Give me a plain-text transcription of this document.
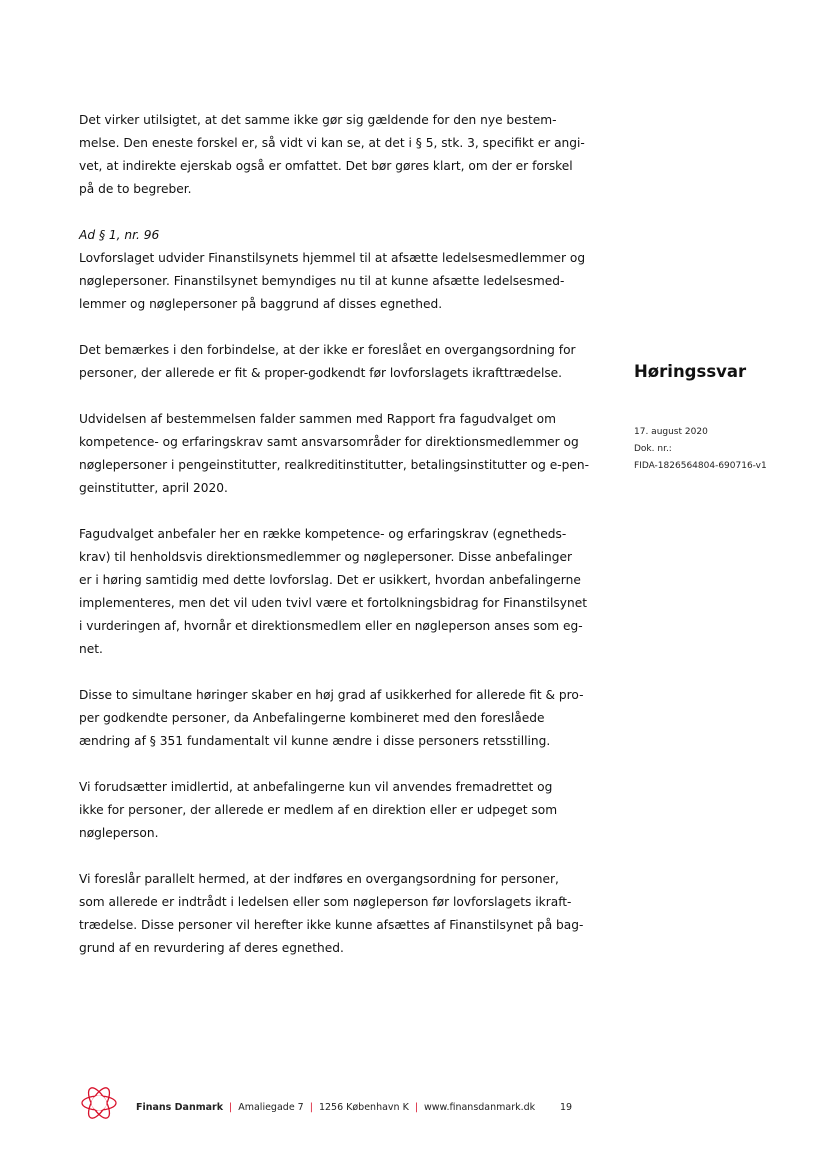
Det virker utilsigtet, at det samme ikke gør sig gældende for den nye bestem-
melse. Den eneste forskel er, så vidt vi kan se, at det i § 5, stk. 3, specifikt er angi-
vet, at indirekte ejerskab også er omfattet. Det bør gøres klart, om der er forskel
på de to begreber.

Ad § 1, nr. 96
Lovforslaget udvider Finanstilsynets hjemmel til at afsætte ledelsesmedlemmer og
nøglepersoner. Finanstilsynet bemyndiges nu til at kunne afsætte ledelsesmed-
lemmer og nøglepersoner på baggrund af disses egnethed.

Det bemærkes i den forbindelse, at der ikke er foreslået en overgangsordning for
personer, der allerede er fit & proper-godkendt før lovforslagets ikrafttrædelse.

Udvidelsen af bestemmelsen falder sammen med Rapport fra fagudvalget om
kompetence- og erfaringskrav samt ansvarsområder for direktionsmedlemmer og
nøglepersoner i pengeinstitutter, realkreditinstitutter, betalingsinstitutter og e-pen-
geinstitutter, april 2020.

Fagudvalget anbefaler her en række kompetence- og erfaringskrav (egnetheds-
krav) til henholdsvis direktionsmedlemmer og nøglepersoner. Disse anbefalinger
er i høring samtidig med dette lovforslag. Det er usikkert, hvordan anbefalingerne
implementeres, men det vil uden tvivl være et fortolkningsbidrag for Finanstilsynet
i vurderingen af, hvornår et direktionsmedlem eller en nøgleperson anses som eg-
net.

Disse to simultane høringer skaber en høj grad af usikkerhed for allerede fit & pro-
per godkendte personer, da Anbefalingerne kombineret med den foreslåede
ændring af § 351 fundamentalt vil kunne ændre i disse personers retsstilling.

Vi forudsætter imidlertid, at anbefalingerne kun vil anvendes fremadrettet og
ikke for personer, der allerede er medlem af en direktion eller er udpeget som
nøgleperson.

Vi foreslår parallelt hermed, at der indføres en overgangsordning for personer,
som allerede er indtrådt i ledelsen eller som nøgleperson før lovforslagets ikraft-
trædelse. Disse personer vil herefter ikke kunne afsættes af Finanstilsynet på bag-
grund af en revurdering af deres egnethed.

Høringssvar
17. august 2020
Dok. nr.:
FIDA-1826564804-690716-v1
Finans Danmark | Amaliegade 7 | 1256 København K | www.finansdanmark.dk	19
